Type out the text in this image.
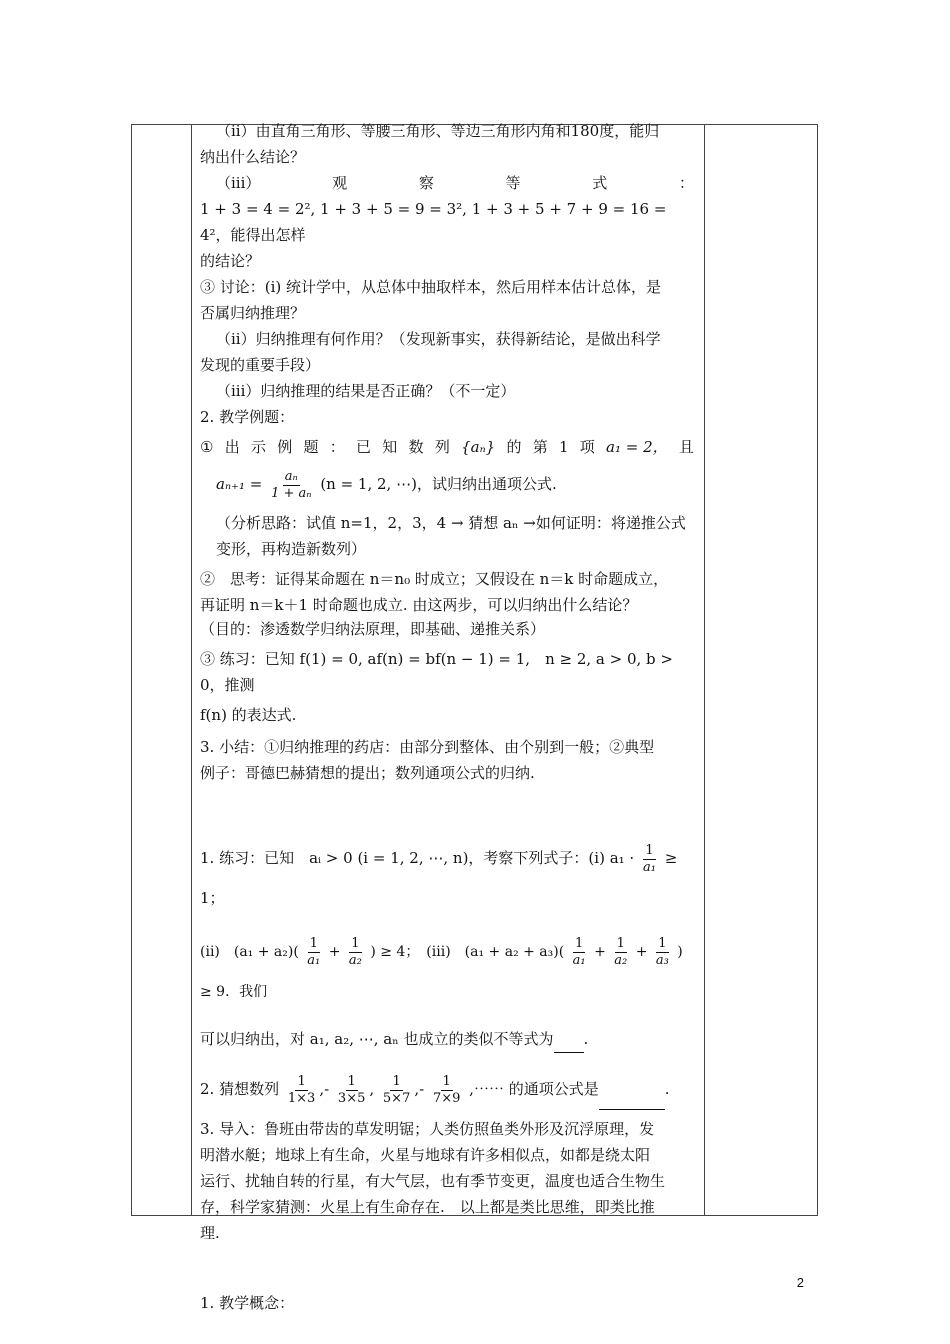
（ii）由直角三角形、等腰三角形、等边三角形内角和180度，能归

纳出什么结论？

（iii）	观	察	等	式	：

1 + 3 = 4 = 2², 1 + 3 + 5 = 9 = 3², 1 + 3 + 5 + 7 + 9 = 16 = 4²，能得出怎样

的结论？

③ 讨论：(i) 统计学中，从总体中抽取样本，然后用样本估计总体，是

否属归纳推理？

（ii）归纳推理有何作用？（发现新事实，获得新结论，是做出科学

发现的重要手段）

（iii）归纳推理的结果是否正确？（不一定）

2. 教学例题：

① 出 示 例 题 ： 已 知 数 列 {aₙ} 的 第 1 项 a₁ = 2， 且

$a_{n+1} = \frac{\text{aₙ}}{\text{1 + aₙ}} (n = 1$, 2, ⋯)，试归纳出通项公式.

（分析思路：试值 n=1，2，3，4 → 猜想 aₙ →如何证明：将递推公式

变形，再构造新数列）

②　思考：证得某命题在 n＝n₀ 时成立；又假设在 n＝k 时命题成立，

再证明 n＝k＋1 时命题也成立. 由这两步，可以归纳出什么结论？

（目的：渗透数学归纳法原理，即基础、递推关系）

③ 练习：已知 f(1) = 0, af(n) = bf(n − 1) = 1,　n ≥ 2, a > 0, b > 0，推测

f(n) 的表达式.

3. 小结：①归纳推理的药店：由部分到整体、由个别到一般；②典型

例子：哥德巴赫猜想的提出；数列通项公式的归纳.

1. 练习：已知　aᵢ > 0 (i = 1, 2, ⋯, n)，考察下列式子：(i) $a_1 \cdot \frac{1}{\text{a₁}} \ge 1$；

(ii)　$(a_1 + a_2)( \frac{1}{\text{a₁}} + \frac{1}{\text{a₂}}$ ) ≥ 4；　(iii)　$(a_1 + a_2 + a_3)( \frac{1}{\text{a₁}} + \frac{1}{\text{a₂}} + \frac{1}{\text{a₃}}$ ) ≥ 9．我们

可以归纳出，对 a₁, a₂, ⋯, aₙ 也成立的类似不等式为 .

2. 猜想数列 $\frac{1}{1\times 3}$ ,- $\frac{1}{3\times 5}$ , $\frac{1}{5\times 7}$ ,- $\frac{1}{7\times 9}$ ,⋯⋯ 的通项公式是	.

3. 导入：鲁班由带齿的草发明锯；人类仿照鱼类外形及沉浮原理，发

明潜水艇；地球上有生命，火星与地球有许多相似点，如都是绕太阳

运行、扰轴自转的行星，有大气层，也有季节变更，温度也适合生物生

存，科学家猜测：火星上有生命存在.　以上都是类比思维，即类比推

理.

1. 教学概念：

2
